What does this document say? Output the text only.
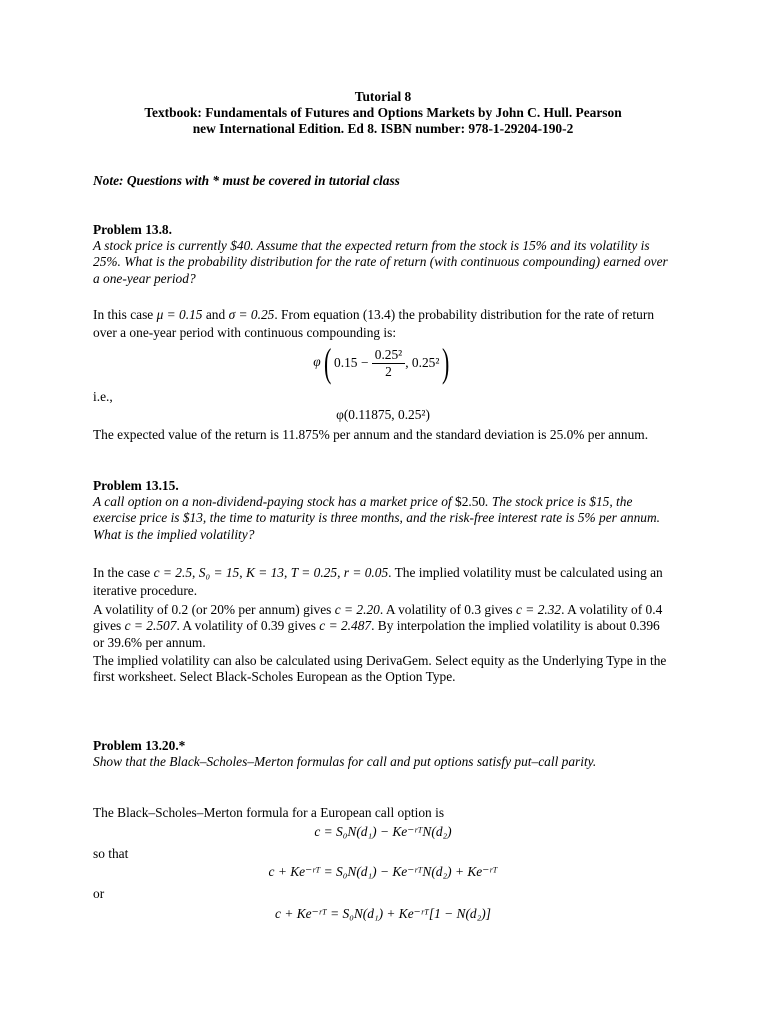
Tutorial 8
Textbook: Fundamentals of Futures and Options Markets by John C. Hull. Pearson
new International Edition. Ed 8. ISBN number: 978-1-29204-190-2
Note: Questions with * must be covered in tutorial class
Problem 13.8.
A stock price is currently $40. Assume that the expected return from the stock is 15% and its volatility is 25%. What is the probability distribution for the rate of return (with continuous compounding) earned over a one-year period?
In this case μ = 0.15 and σ = 0.25. From equation (13.4) the probability distribution for the rate of return over a one-year period with continuous compounding is:
φ( $0.15 - \frac{\text{0.25²}}{2}$ , 0.25²)
i.e.,
φ(0.11875, 0.25²)
The expected value of the return is 11.875% per annum and the standard deviation is 25.0% per annum.
Problem 13.15.
A call option on a non-dividend-paying stock has a market price of $2.50. The stock price is $15, the exercise price is $13, the time to maturity is three months, and the risk-free interest rate is 5% per annum. What is the implied volatility?
In the case c = 2.5, S₀ = 15, K = 13, T = 0.25, r = 0.05. The implied volatility must be calculated using an iterative procedure.
A volatility of 0.2 (or 20% per annum) gives c = 2.20. A volatility of 0.3 gives c = 2.32. A volatility of 0.4 gives c = 2.507. A volatility of 0.39 gives c = 2.487. By interpolation the implied volatility is about 0.396 or 39.6% per annum.
The implied volatility can also be calculated using DerivaGem. Select equity as the Underlying Type in the first worksheet. Select Black-Scholes European as the Option Type.
Problem 13.20.*
Show that the Black–Scholes–Merton formulas for call and put options satisfy put–call parity.
The Black–Scholes–Merton formula for a European call option is
c = S₀N(d₁) − Ke⁻ʳᵀN(d₂)
so that
c + Ke⁻ʳᵀ = S₀N(d₁) − Ke⁻ʳᵀN(d₂) + Ke⁻ʳᵀ
or
c + Ke⁻ʳᵀ = S₀N(d₁) + Ke⁻ʳᵀ[1 − N(d₂)]
